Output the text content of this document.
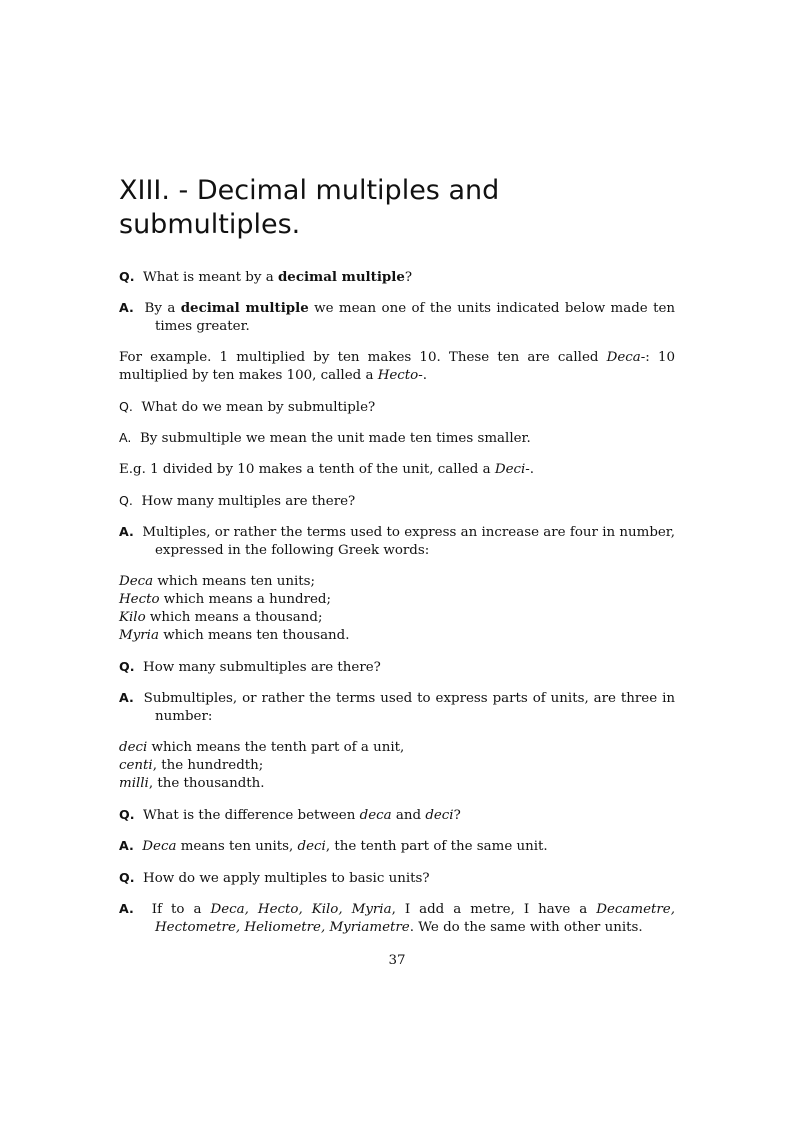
XIII. - Decimal multiples and
submultiples.

Q. What is meant by a decimal multiple?

A. By a decimal multiple we mean one of the units indicated below made ten times greater.

For example. 1 multiplied by ten makes 10. These ten are called Deca-: 10 multiplied by ten makes 100, called a Hecto-.

Q. What do we mean by submultiple?

A. By submultiple we mean the unit made ten times smaller.

E.g. 1 divided by 10 makes a tenth of the unit, called a Deci-.

Q. How many multiples are there?

A. Multiples, or rather the terms used to express an increase are four in number, expressed in the following Greek words:

Deca which means ten units;
Hecto which means a hundred;
Kilo which means a thousand;
Myria which means ten thousand.

Q. How many submultiples are there?

A. Submultiples, or rather the terms used to express parts of units, are three in number:

deci which means the tenth part of a unit,
centi, the hundredth;
milli, the thousandth.

Q. What is the difference between deca and deci?

A. Deca means ten units, deci, the tenth part of the same unit.

Q. How do we apply multiples to basic units?

A. If to a Deca, Hecto, Kilo, Myria, I add a metre, I have a Decametre, Hectometre, Heliometre, Myriametre. We do the same with other units.

37
